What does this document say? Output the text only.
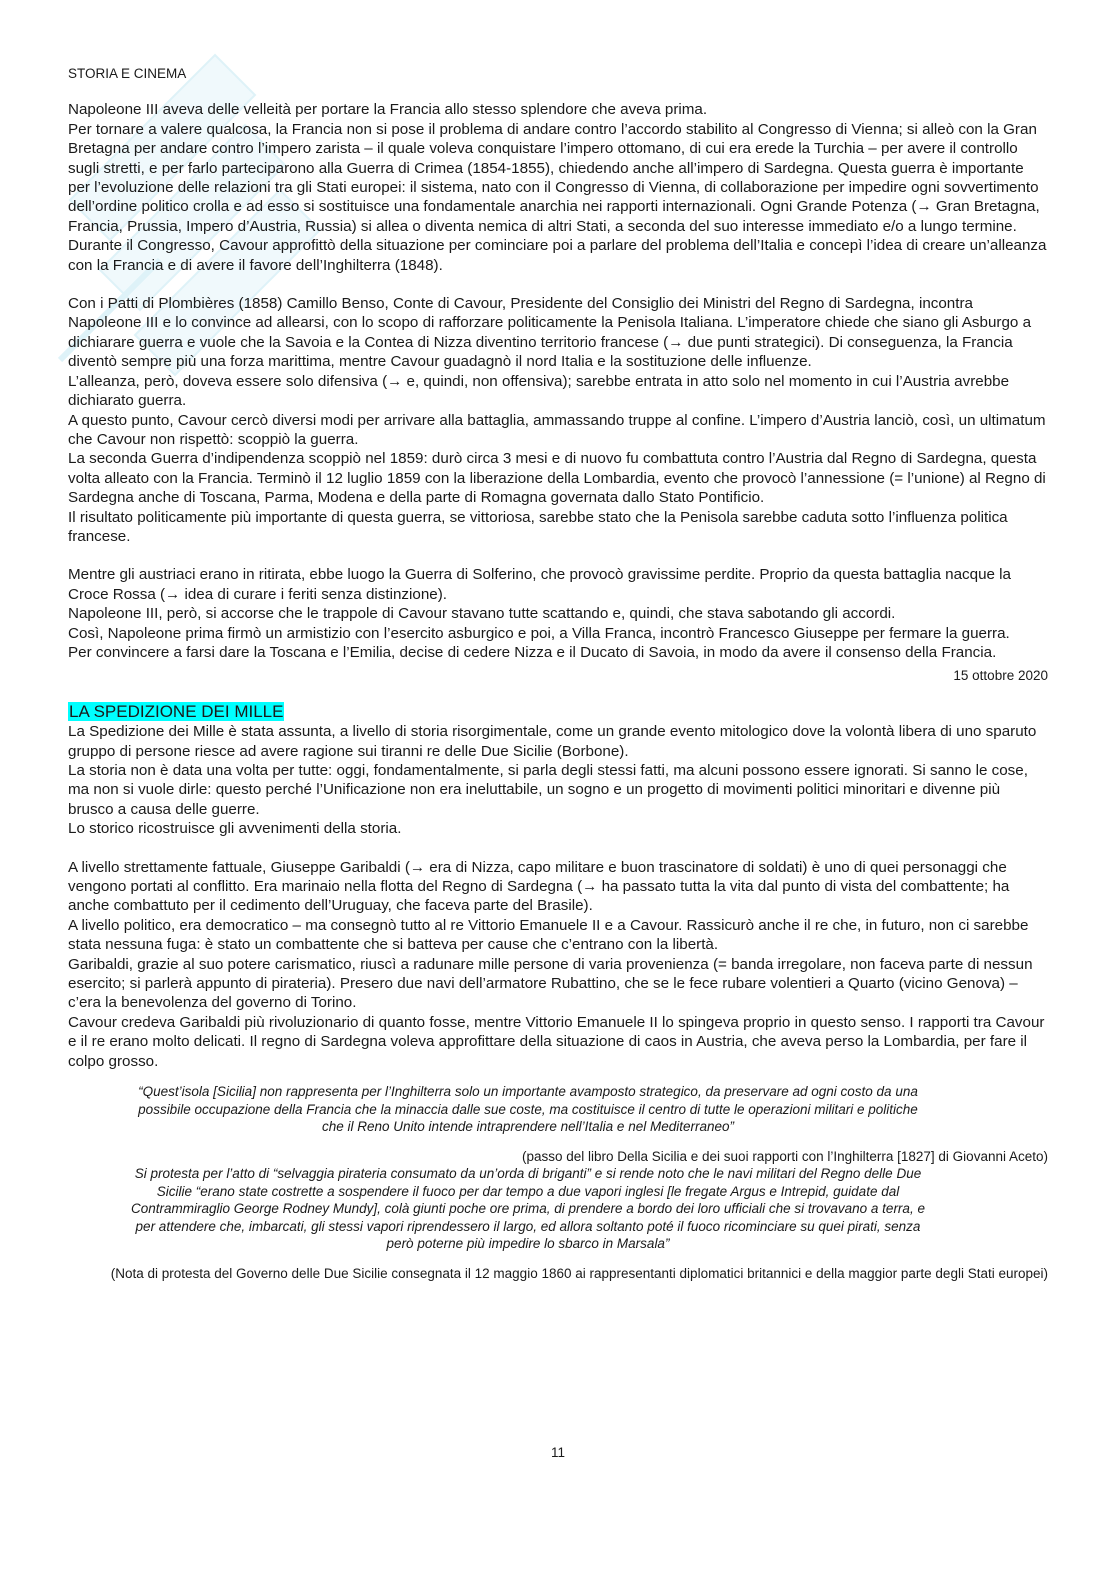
STORIA E CINEMA

Napoleone III aveva delle velleità per portare la Francia allo stesso splendore che aveva prima.

Per tornare a valere qualcosa, la Francia non si pose il problema di andare contro l’accordo stabilito al Congresso di Vienna; si alleò con la Gran Bretagna per andare contro l’impero zarista – il quale voleva conquistare l’impero ottomano, di cui era erede la Turchia – per avere il controllo sugli stretti, e per farlo parteciparono alla Guerra di Crimea (1854-1855), chiedendo anche all’impero di Sardegna. Questa guerra è importante per l’evoluzione delle relazioni tra gli Stati europei: il sistema, nato con il Congresso di Vienna, di collaborazione per impedire ogni sovvertimento dell’ordine politico crolla e ad esso si sostituisce una fondamentale anarchia nei rapporti internazionali. Ogni Grande Potenza (→ Gran Bretagna, Francia, Prussia, Impero d’Austria, Russia) si allea o diventa nemica di altri Stati, a seconda del suo interesse immediato e/o a lungo termine.

Durante il Congresso, Cavour approfittò della situazione per cominciare poi a parlare del problema dell’Italia e concepì l’idea di creare un’alleanza con la Francia e di avere il favore dell’Inghilterra (1848).

Con i Patti di Plombières (1858) Camillo Benso, Conte di Cavour, Presidente del Consiglio dei Ministri del Regno di Sardegna, incontra Napoleone III e lo convince ad allearsi, con lo scopo di rafforzare politicamente la Penisola Italiana. L’imperatore chiede che siano gli Asburgo a dichiarare guerra e vuole che la Savoia e la Contea di Nizza diventino territorio francese (→ due punti strategici). Di conseguenza, la Francia diventò sempre più una forza marittima, mentre Cavour guadagnò il nord Italia e la sostituzione delle influenze.

L’alleanza, però, doveva essere solo difensiva (→ e, quindi, non offensiva); sarebbe entrata in atto solo nel momento in cui l’Austria avrebbe dichiarato guerra.

A questo punto, Cavour cercò diversi modi per arrivare alla battaglia, ammassando truppe al confine. L’impero d’Austria lanciò, così, un ultimatum che Cavour non rispettò: scoppiò la guerra.

La seconda Guerra d’indipendenza scoppiò nel 1859: durò circa 3 mesi e di nuovo fu combattuta contro l’Austria dal Regno di Sardegna, questa volta alleato con la Francia. Terminò il 12 luglio 1859 con la liberazione della Lombardia, evento che provocò l’annessione (= l’unione) al Regno di Sardegna anche di Toscana, Parma, Modena e della parte di Romagna governata dallo Stato Pontificio.

Il risultato politicamente più importante di questa guerra, se vittoriosa, sarebbe stato che la Penisola sarebbe caduta sotto l’influenza politica francese.

Mentre gli austriaci erano in ritirata, ebbe luogo la Guerra di Solferino, che provocò gravissime perdite. Proprio da questa battaglia nacque la Croce Rossa (→ idea di curare i feriti senza distinzione).

Napoleone III, però, si accorse che le trappole di Cavour stavano tutte scattando e, quindi, che stava sabotando gli accordi.

Così, Napoleone prima firmò un armistizio con l’esercito asburgico e poi, a Villa Franca, incontrò Francesco Giuseppe per fermare la guerra.

Per convincere a farsi dare la Toscana e l’Emilia, decise di cedere Nizza e il Ducato di Savoia, in modo da avere il consenso della Francia.

15 ottobre 2020
LA SPEDIZIONE DEI MILLE

La Spedizione dei Mille è stata assunta, a livello di storia risorgimentale, come un grande evento mitologico dove la volontà libera di uno sparuto gruppo di persone riesce ad avere ragione sui tiranni re delle Due Sicilie (Borbone).

La storia non è data una volta per tutte: oggi, fondamentalmente, si parla degli stessi fatti, ma alcuni possono essere ignorati. Si sanno le cose, ma non si vuole dirle: questo perché l’Unificazione non era ineluttabile, un sogno e un progetto di movimenti politici minoritari e divenne più brusco a causa delle guerre.

Lo storico ricostruisce gli avvenimenti della storia.

A livello strettamente fattuale, Giuseppe Garibaldi (→ era di Nizza, capo militare e buon trascinatore di soldati) è uno di quei personaggi che vengono portati al conflitto. Era marinaio nella flotta del Regno di Sardegna (→ ha passato tutta la vita dal punto di vista del combattente; ha anche combattuto per il cedimento dell’Uruguay, che faceva parte del Brasile).

A livello politico, era democratico – ma consegnò tutto al re Vittorio Emanuele II e a Cavour. Rassicurò anche il re che, in futuro, non ci sarebbe stata nessuna fuga: è stato un combattente che si batteva per cause che c’entrano con la libertà.

Garibaldi, grazie al suo potere carismatico, riuscì a radunare mille persone di varia provenienza (= banda irregolare, non faceva parte di nessun esercito; si parlerà appunto di pirateria). Presero due navi dell’armatore Rubattino, che se le fece rubare volentieri a Quarto (vicino Genova) – c’era la benevolenza del governo di Torino.

Cavour credeva Garibaldi più rivoluzionario di quanto fosse, mentre Vittorio Emanuele II lo spingeva proprio in questo senso. I rapporti tra Cavour e il re erano molto delicati. Il regno di Sardegna voleva approfittare della situazione di caos in Austria, che aveva perso la Lombardia, per fare il colpo grosso.

“Quest’isola [Sicilia] non rappresenta per l’Inghilterra solo un importante avamposto strategico, da preservare ad ogni costo da una possibile occupazione della Francia che la minaccia dalle sue coste, ma costituisce il centro di tutte le operazioni militari e politiche che il Reno Unito intende intraprendere nell’Italia e nel Mediterraneo”
(passo del libro Della Sicilia e dei suoi rapporti con l’Inghilterra [1827] di Giovanni Aceto)
Si protesta per l’atto di “selvaggia pirateria consumato da un’orda di briganti” e si rende noto che le navi militari del Regno delle Due Sicilie “erano state costrette a sospendere il fuoco per dar tempo a due vapori inglesi [le fregate Argus e Intrepid, guidate dal Contrammiraglio George Rodney Mundy], colà giunti poche ore prima, di prendere a bordo dei loro ufficiali che si trovavano a terra, e per attendere che, imbarcati, gli stessi vapori riprendessero il largo, ed allora soltanto poté il fuoco ricominciare su quei pirati, senza però poterne più impedire lo sbarco in Marsala”
(Nota di protesta del Governo delle Due Sicilie consegnata il 12 maggio 1860 ai rappresentanti diplomatici britannici e della maggior parte degli Stati europei)
11
